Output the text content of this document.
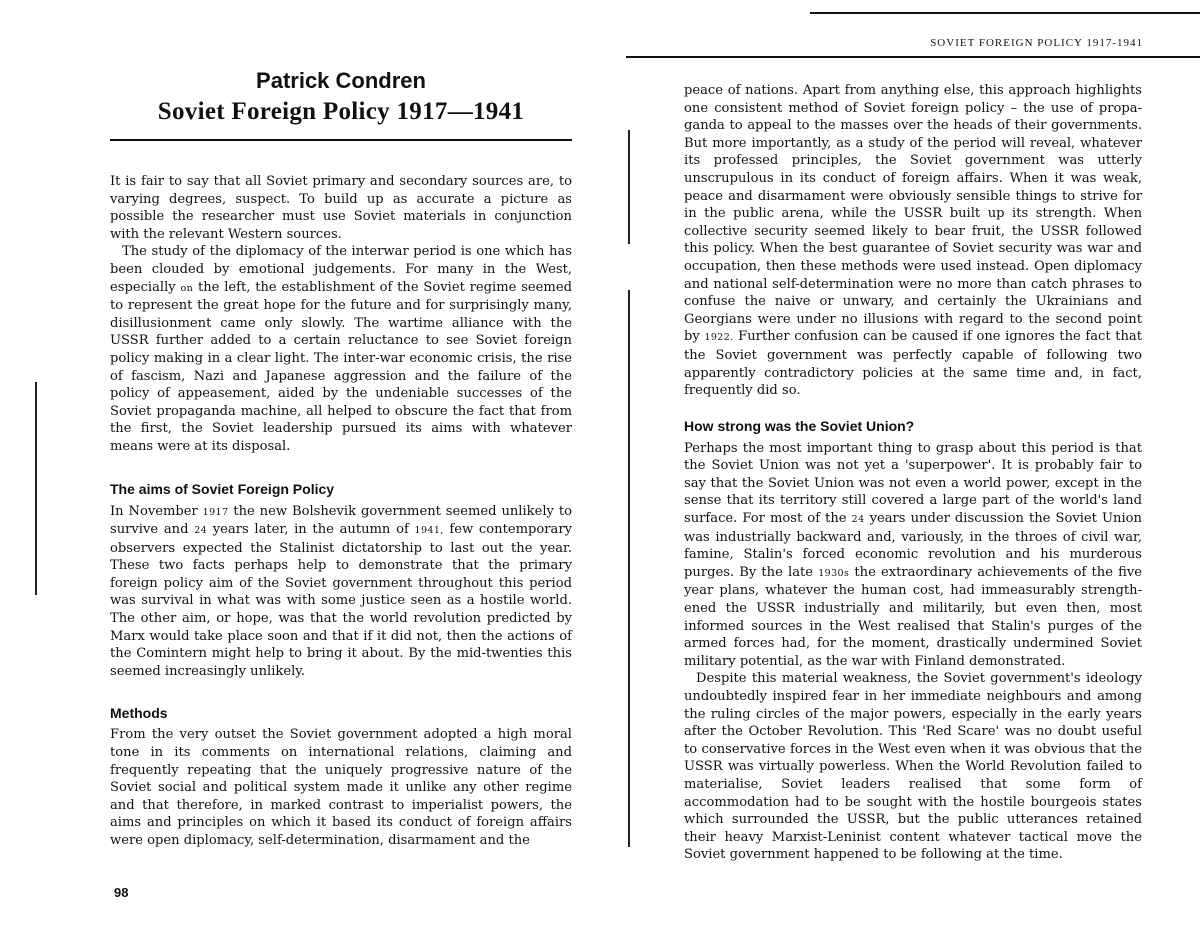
Patrick Condren
Soviet Foreign Policy 1917—1941

It is fair to say that all Soviet primary and secondary sources are, to varying degrees, suspect. To build up as accurate a picture as possible the researcher must use Soviet materials in conjunction with the relevant Western sources.

The study of the diplomacy of the interwar period is one which has been clouded by emotional judgements. For many in the West, especially on the left, the establishment of the Soviet regime seemed to represent the great hope for the future and for surprisingly many, disillusionment came only slowly. The wartime alliance with the USSR further added to a certain reluctance to see Soviet foreign policy making in a clear light. The inter-war economic crisis, the rise of fascism, Nazi and Japanese aggression and the failure of the policy of appeasement, aided by the undeniable successes of the Soviet propaganda machine, all helped to obscure the fact that from the first, the Soviet leadership pursued its aims with whatever means were at its disposal.

The aims of Soviet Foreign Policy

In November 1917 the new Bolshevik government seemed unlikely to survive and 24 years later, in the autumn of 1941, few contemporary observers expected the Stalinist dictatorship to last out the year. These two facts perhaps help to demonstrate that the primary foreign policy aim of the Soviet government throughout this period was survival in what was with some justice seen as a hostile world. The other aim, or hope, was that the world revolution predicted by Marx would take place soon and that if it did not, then the actions of the Comintern might help to bring it about. By the mid-twenties this seemed increasingly unlikely.

Methods

From the very outset the Soviet government adopted a high moral tone in its comments on international relations, claiming and frequently repeating that the uniquely progressive nature of the Soviet social and political system made it unlike any other regime and that therefore, in marked contrast to imperialist powers, the aims and principles on which it based its conduct of foreign affairs were open diplomacy, self-determination, disarmament and the

98

SOVIET FOREIGN POLICY 1917-1941

peace of nations. Apart from anything else, this approach highlights one consistent method of Soviet foreign policy – the use of propaganda to appeal to the masses over the heads of their governments. But more importantly, as a study of the period will reveal, whatever its professed principles, the Soviet government was utterly unscrupulous in its conduct of foreign affairs. When it was weak, peace and disarmament were obviously sensible things to strive for in the public arena, while the USSR built up its strength. When collective security seemed likely to bear fruit, the USSR followed this policy. When the best guarantee of Soviet security was war and occupation, then these methods were used instead. Open diplomacy and national self-determination were no more than catch phrases to confuse the naive or unwary, and certainly the Ukrainians and Georgians were under no illusions with regard to the second point by 1922. Further confusion can be caused if one ignores the fact that the Soviet government was perfectly capable of following two apparently contradictory policies at the same time and, in fact, frequently did so.

How strong was the Soviet Union?

Perhaps the most important thing to grasp about this period is that the Soviet Union was not yet a 'superpower'. It is probably fair to say that the Soviet Union was not even a world power, except in the sense that its territory still covered a large part of the world's land surface. For most of the 24 years under discussion the Soviet Union was industrially backward and, variously, in the throes of civil war, famine, Stalin's forced economic revolution and his murderous purges. By the late 1930s the extraordinary achievements of the five year plans, whatever the human cost, had immeasurably strengthened the USSR industrially and militarily, but even then, most informed sources in the West realised that Stalin's purges of the armed forces had, for the moment, drastically undermined Soviet military potential, as the war with Finland demonstrated.

Despite this material weakness, the Soviet government's ideology undoubtedly inspired fear in her immediate neighbours and among the ruling circles of the major powers, especially in the early years after the October Revolution. This 'Red Scare' was no doubt useful to conservative forces in the West even when it was obvious that the USSR was virtually powerless. When the World Revolution failed to materialise, Soviet leaders realised that some form of accommodation had to be sought with the hostile bourgeois states which surrounded the USSR, but the public utterances retained their heavy Marxist-Leninist content whatever tactical move the Soviet government happened to be following at the time.
